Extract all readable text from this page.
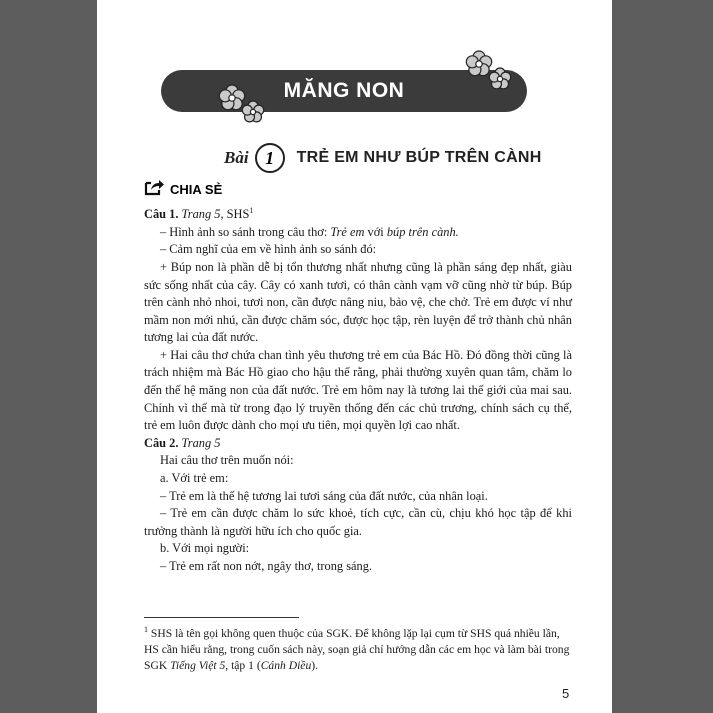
MĂNG NON
Bài 1	TRẺ EM NHƯ BÚP TRÊN CÀNH
CHIA SẺ

Câu 1. Trang 5, SHS$^1$

– Hình ảnh so sánh trong câu thơ: Trẻ em với búp trên cành.

– Cảm nghĩ của em về hình ảnh so sánh đó:

+ Búp non là phần dễ bị tổn thương nhất nhưng cũng là phần sáng đẹp nhất, giàu sức sống nhất của cây. Cây có xanh tươi, có thân cành vạm vỡ cũng nhờ từ búp. Búp trên cành nhỏ nhoi, tươi non, cần được nâng niu, bảo vệ, che chở. Trẻ em được ví như mầm non mới nhú, cần được chăm sóc, được học tập, rèn luyện để trở thành chủ nhân tương lai của đất nước.

+ Hai câu thơ chứa chan tình yêu thương trẻ em của Bác Hồ. Đó đồng thời cũng là trách nhiệm mà Bác Hồ giao cho hậu thế rằng, phải thường xuyên quan tâm, chăm lo đến thế hệ măng non của đất nước. Trẻ em hôm nay là tương lai thế giới của mai sau. Chính vì thế mà từ trong đạo lý truyền thống đến các chủ trương, chính sách cụ thể, trẻ em luôn được dành cho mọi ưu tiên, mọi quyền lợi cao nhất.

Câu 2. Trang 5

Hai câu thơ trên muốn nói:

a. Với trẻ em:

– Trẻ em là thế hệ tương lai tươi sáng của đất nước, của nhân loại.

– Trẻ em cần được chăm lo sức khoẻ, tích cực, cần cù, chịu khó học tập để khi trưởng thành là người hữu ích cho quốc gia.

b. Với mọi người:

– Trẻ em rất non nớt, ngây thơ, trong sáng.

$^1$ SHS là tên gọi không quen thuộc của SGK. Để không lặp lại cụm từ SHS quá nhiều lần, HS cần hiểu rằng, trong cuốn sách này, soạn giả chỉ hướng dẫn các em học và làm bài trong SGK Tiếng Việt 5, tập 1 (Cánh Diều).

5
